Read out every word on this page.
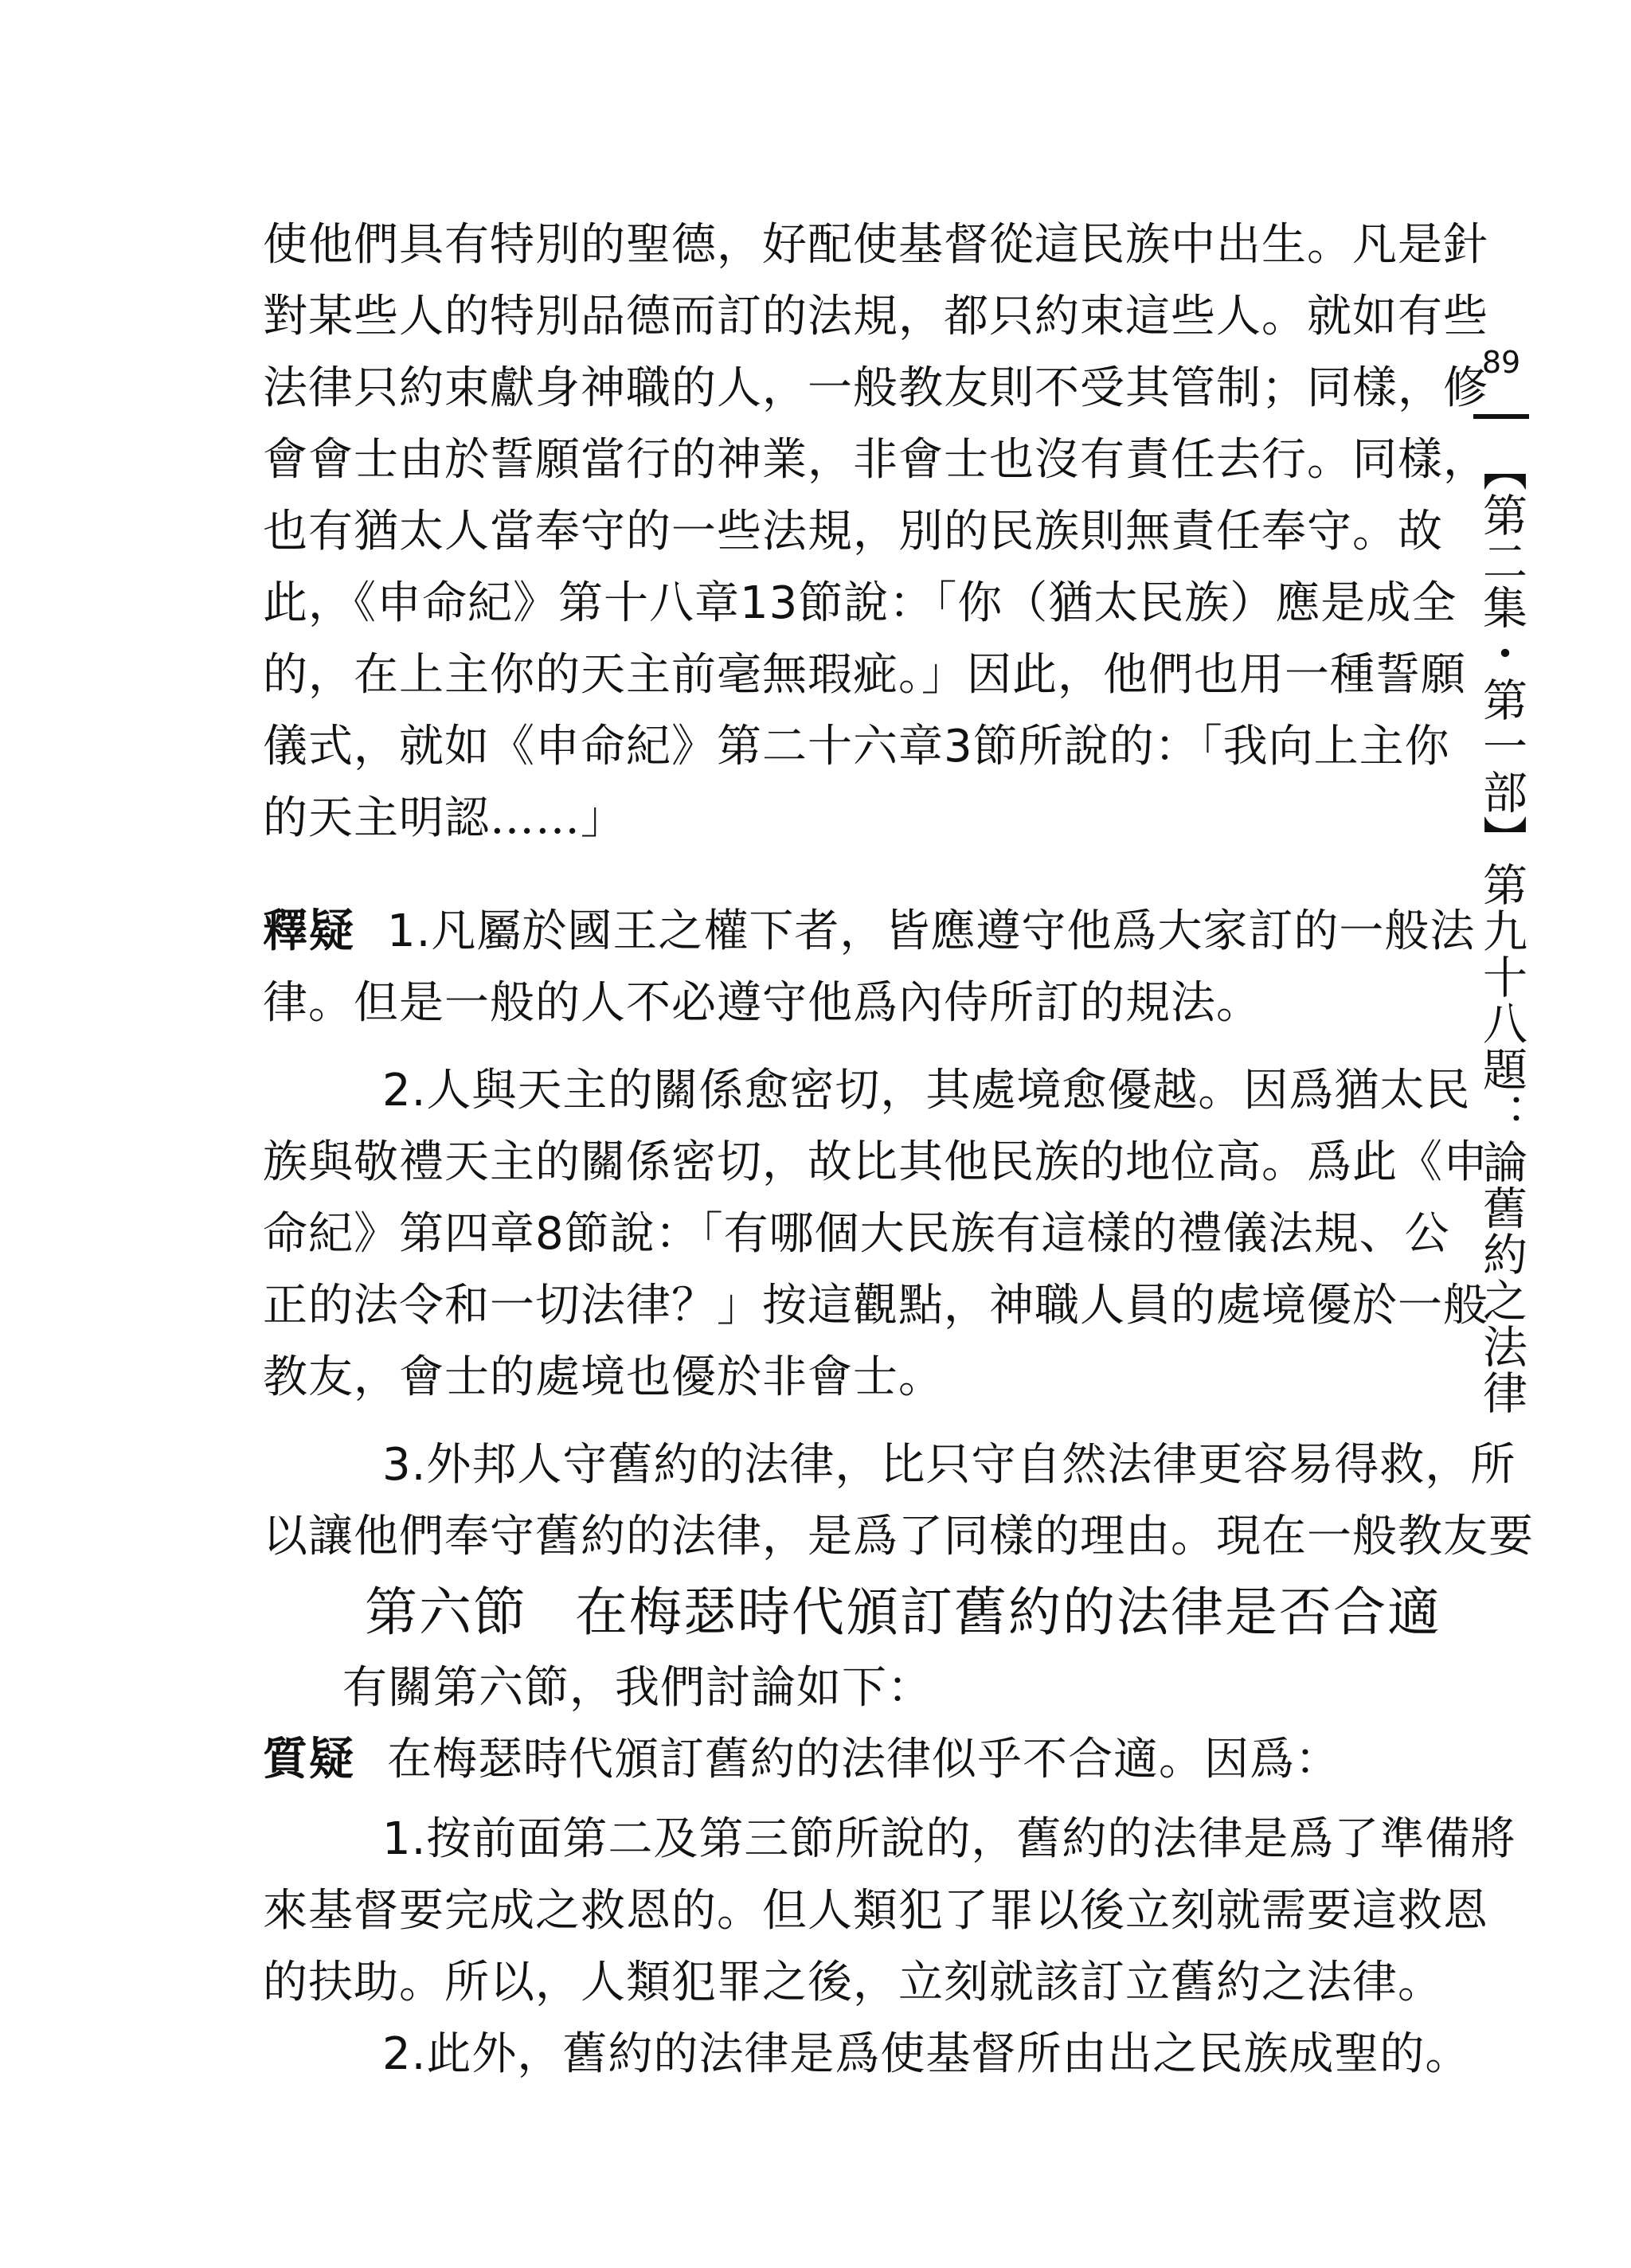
89
【第二集・第一部】第九十八題：論舊約之法律
使他們具有特別的聖德，好配使基督從這民族中出生。凡是針
對某些人的特別品德而訂的法規，都只約束這些人。就如有些
法律只約束獻身神職的人，一般教友則不受其管制；同樣，修
會會士由於誓願當行的神業，非會士也沒有責任去行。同樣，
也有猶太人當奉守的一些法規，別的民族則無責任奉守。故
此，《申命紀》第十八章13節說：「你（猶太民族）應是成全
的，在上主你的天主前毫無瑕疵。」因此，他們也用一種誓願
儀式，就如《申命紀》第二十六章3節所說的：「我向上主你
的天主明認……」
釋疑 1.凡屬於國王之權下者，皆應遵守他爲大家訂的一般法
律。但是一般的人不必遵守他爲內侍所訂的規法。
2.人與天主的關係愈密切，其處境愈優越。因爲猶太民
族與敬禮天主的關係密切，故比其他民族的地位高。爲此《申
命紀》第四章8節說：「有哪個大民族有這樣的禮儀法規、公
正的法令和一切法律？」按這觀點，神職人員的處境優於一般
教友，會士的處境也優於非會士。
3.外邦人守舊約的法律，比只守自然法律更容易得救，所
以讓他們奉守舊約的法律，是爲了同樣的理由。現在一般教友要
第六節 在梅瑟時代頒訂舊約的法律是否合適
有關第六節，我們討論如下：
質疑 在梅瑟時代頒訂舊約的法律似乎不合適。因爲：
1.按前面第二及第三節所說的，舊約的法律是爲了準備將
來基督要完成之救恩的。但人類犯了罪以後立刻就需要這救恩
的扶助。所以，人類犯罪之後，立刻就該訂立舊約之法律。
2.此外，舊約的法律是爲使基督所由出之民族成聖的。
